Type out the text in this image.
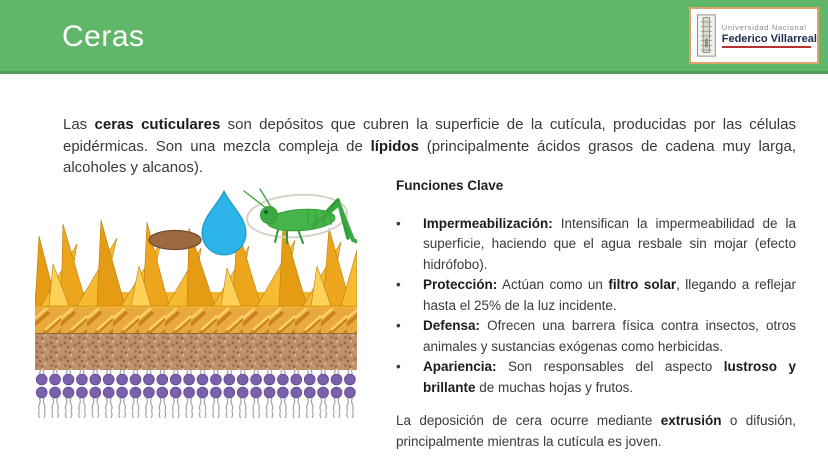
Ceras	Universidad Nacional
Federico Villarreal

Las ceras cuticulares son depósitos que cubren la superficie de la cutícula, producidas por las células epidérmicas. Son una mezcla compleja de lípidos (principalmente ácidos grasos de cadena muy larga, alcoholes y alcanos).

Funciones Clave
•	Impermeabilización: Intensifican la impermeabilidad de la superficie, haciendo que el agua resbale sin mojar (efecto hidrófobo).
•	Protección: Actúan como un filtro solar, llegando a reflejar hasta el 25% de la luz incidente.
•	Defensa: Ofrecen una barrera física contra insectos, otros animales y sustancias exógenas como herbicidas.
•	Apariencia: Son responsables del aspecto lustroso y brillante de muchas hojas y frutos.

La deposición de cera ocurre mediante extrusión o difusión, principalmente mientras la cutícula es joven.
